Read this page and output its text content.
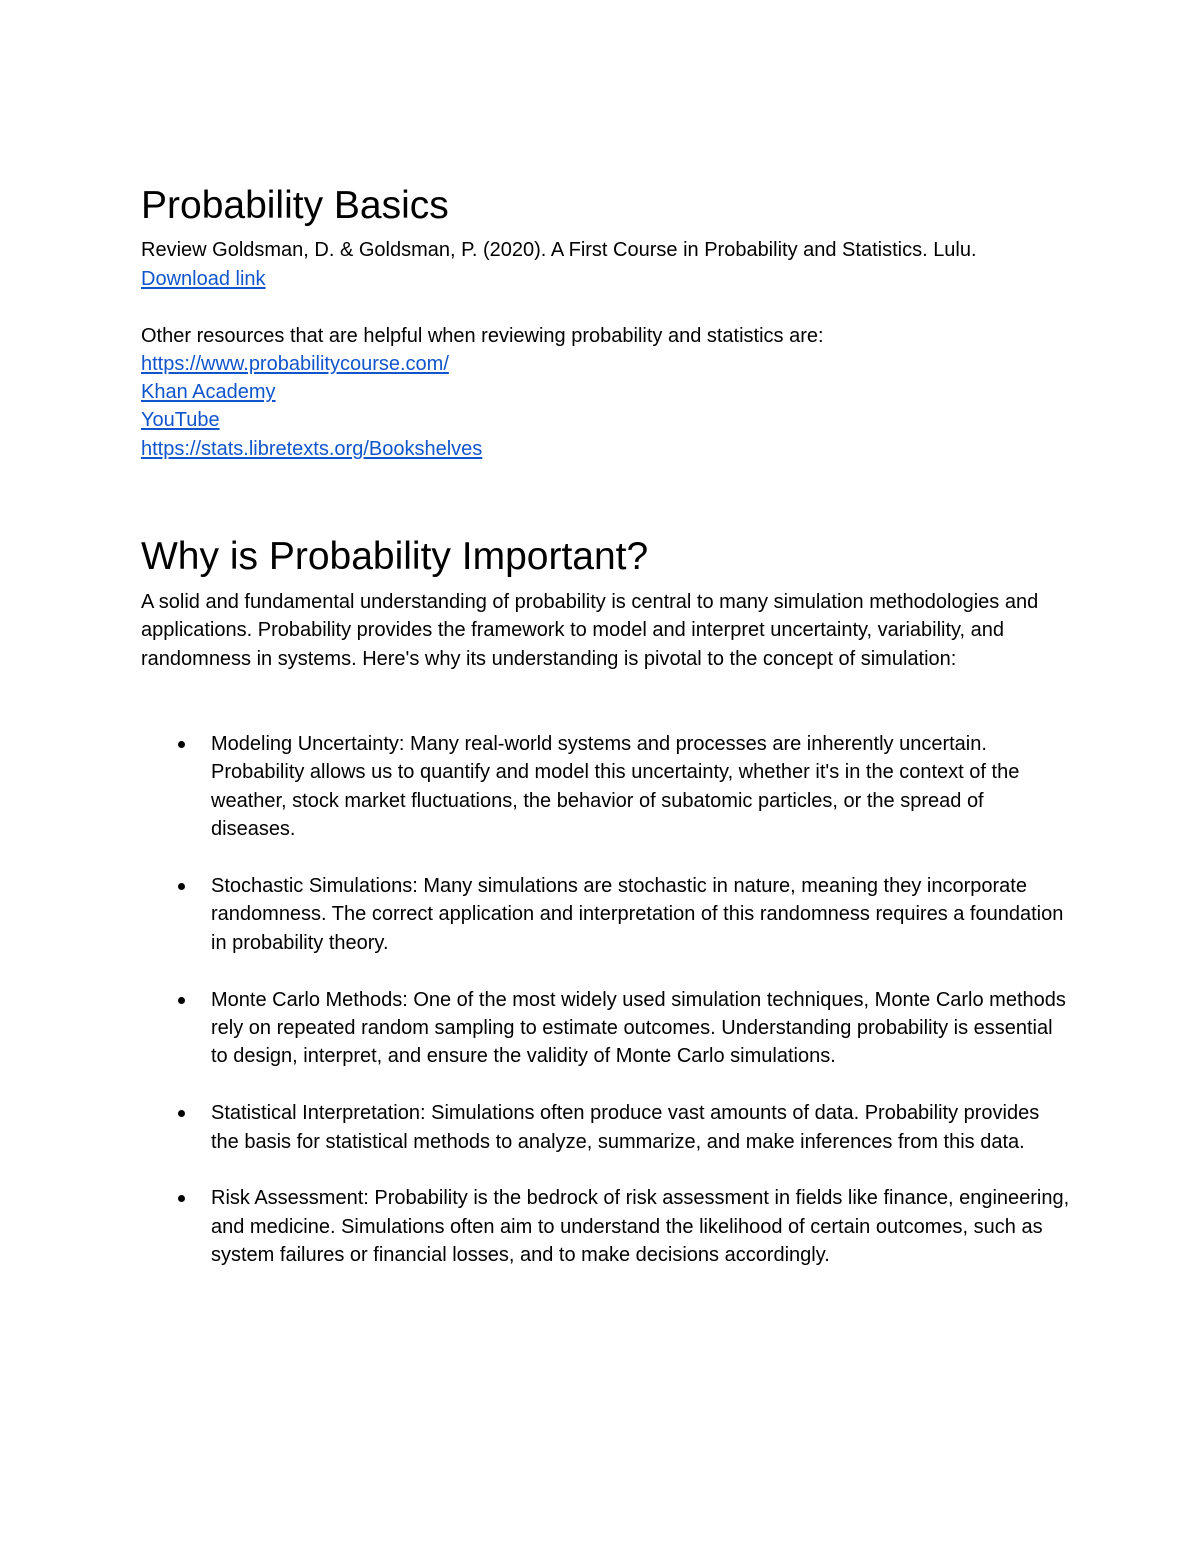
Probability Basics

Review Goldsman, D. & Goldsman, P. (2020). A First Course in Probability and Statistics. Lulu.

Download link

Other resources that are helpful when reviewing probability and statistics are:

https://www.probabilitycourse.com/

Khan Academy

YouTube

https://stats.libretexts.org/Bookshelves

Why is Probability Important?

A solid and fundamental understanding of probability is central to many simulation methodologies and applications. Probability provides the framework to model and interpret uncertainty, variability, and randomness in systems. Here's why its understanding is pivotal to the concept of simulation:

Modeling Uncertainty: Many real-world systems and processes are inherently uncertain. Probability allows us to quantify and model this uncertainty, whether it's in the context of the weather, stock market fluctuations, the behavior of subatomic particles, or the spread of diseases.
Stochastic Simulations: Many simulations are stochastic in nature, meaning they incorporate randomness. The correct application and interpretation of this randomness requires a foundation in probability theory.
Monte Carlo Methods: One of the most widely used simulation techniques, Monte Carlo methods rely on repeated random sampling to estimate outcomes. Understanding probability is essential to design, interpret, and ensure the validity of Monte Carlo simulations.
Statistical Interpretation: Simulations often produce vast amounts of data. Probability provides the basis for statistical methods to analyze, summarize, and make inferences from this data.
Risk Assessment: Probability is the bedrock of risk assessment in fields like finance, engineering, and medicine. Simulations often aim to understand the likelihood of certain outcomes, such as system failures or financial losses, and to make decisions accordingly.
